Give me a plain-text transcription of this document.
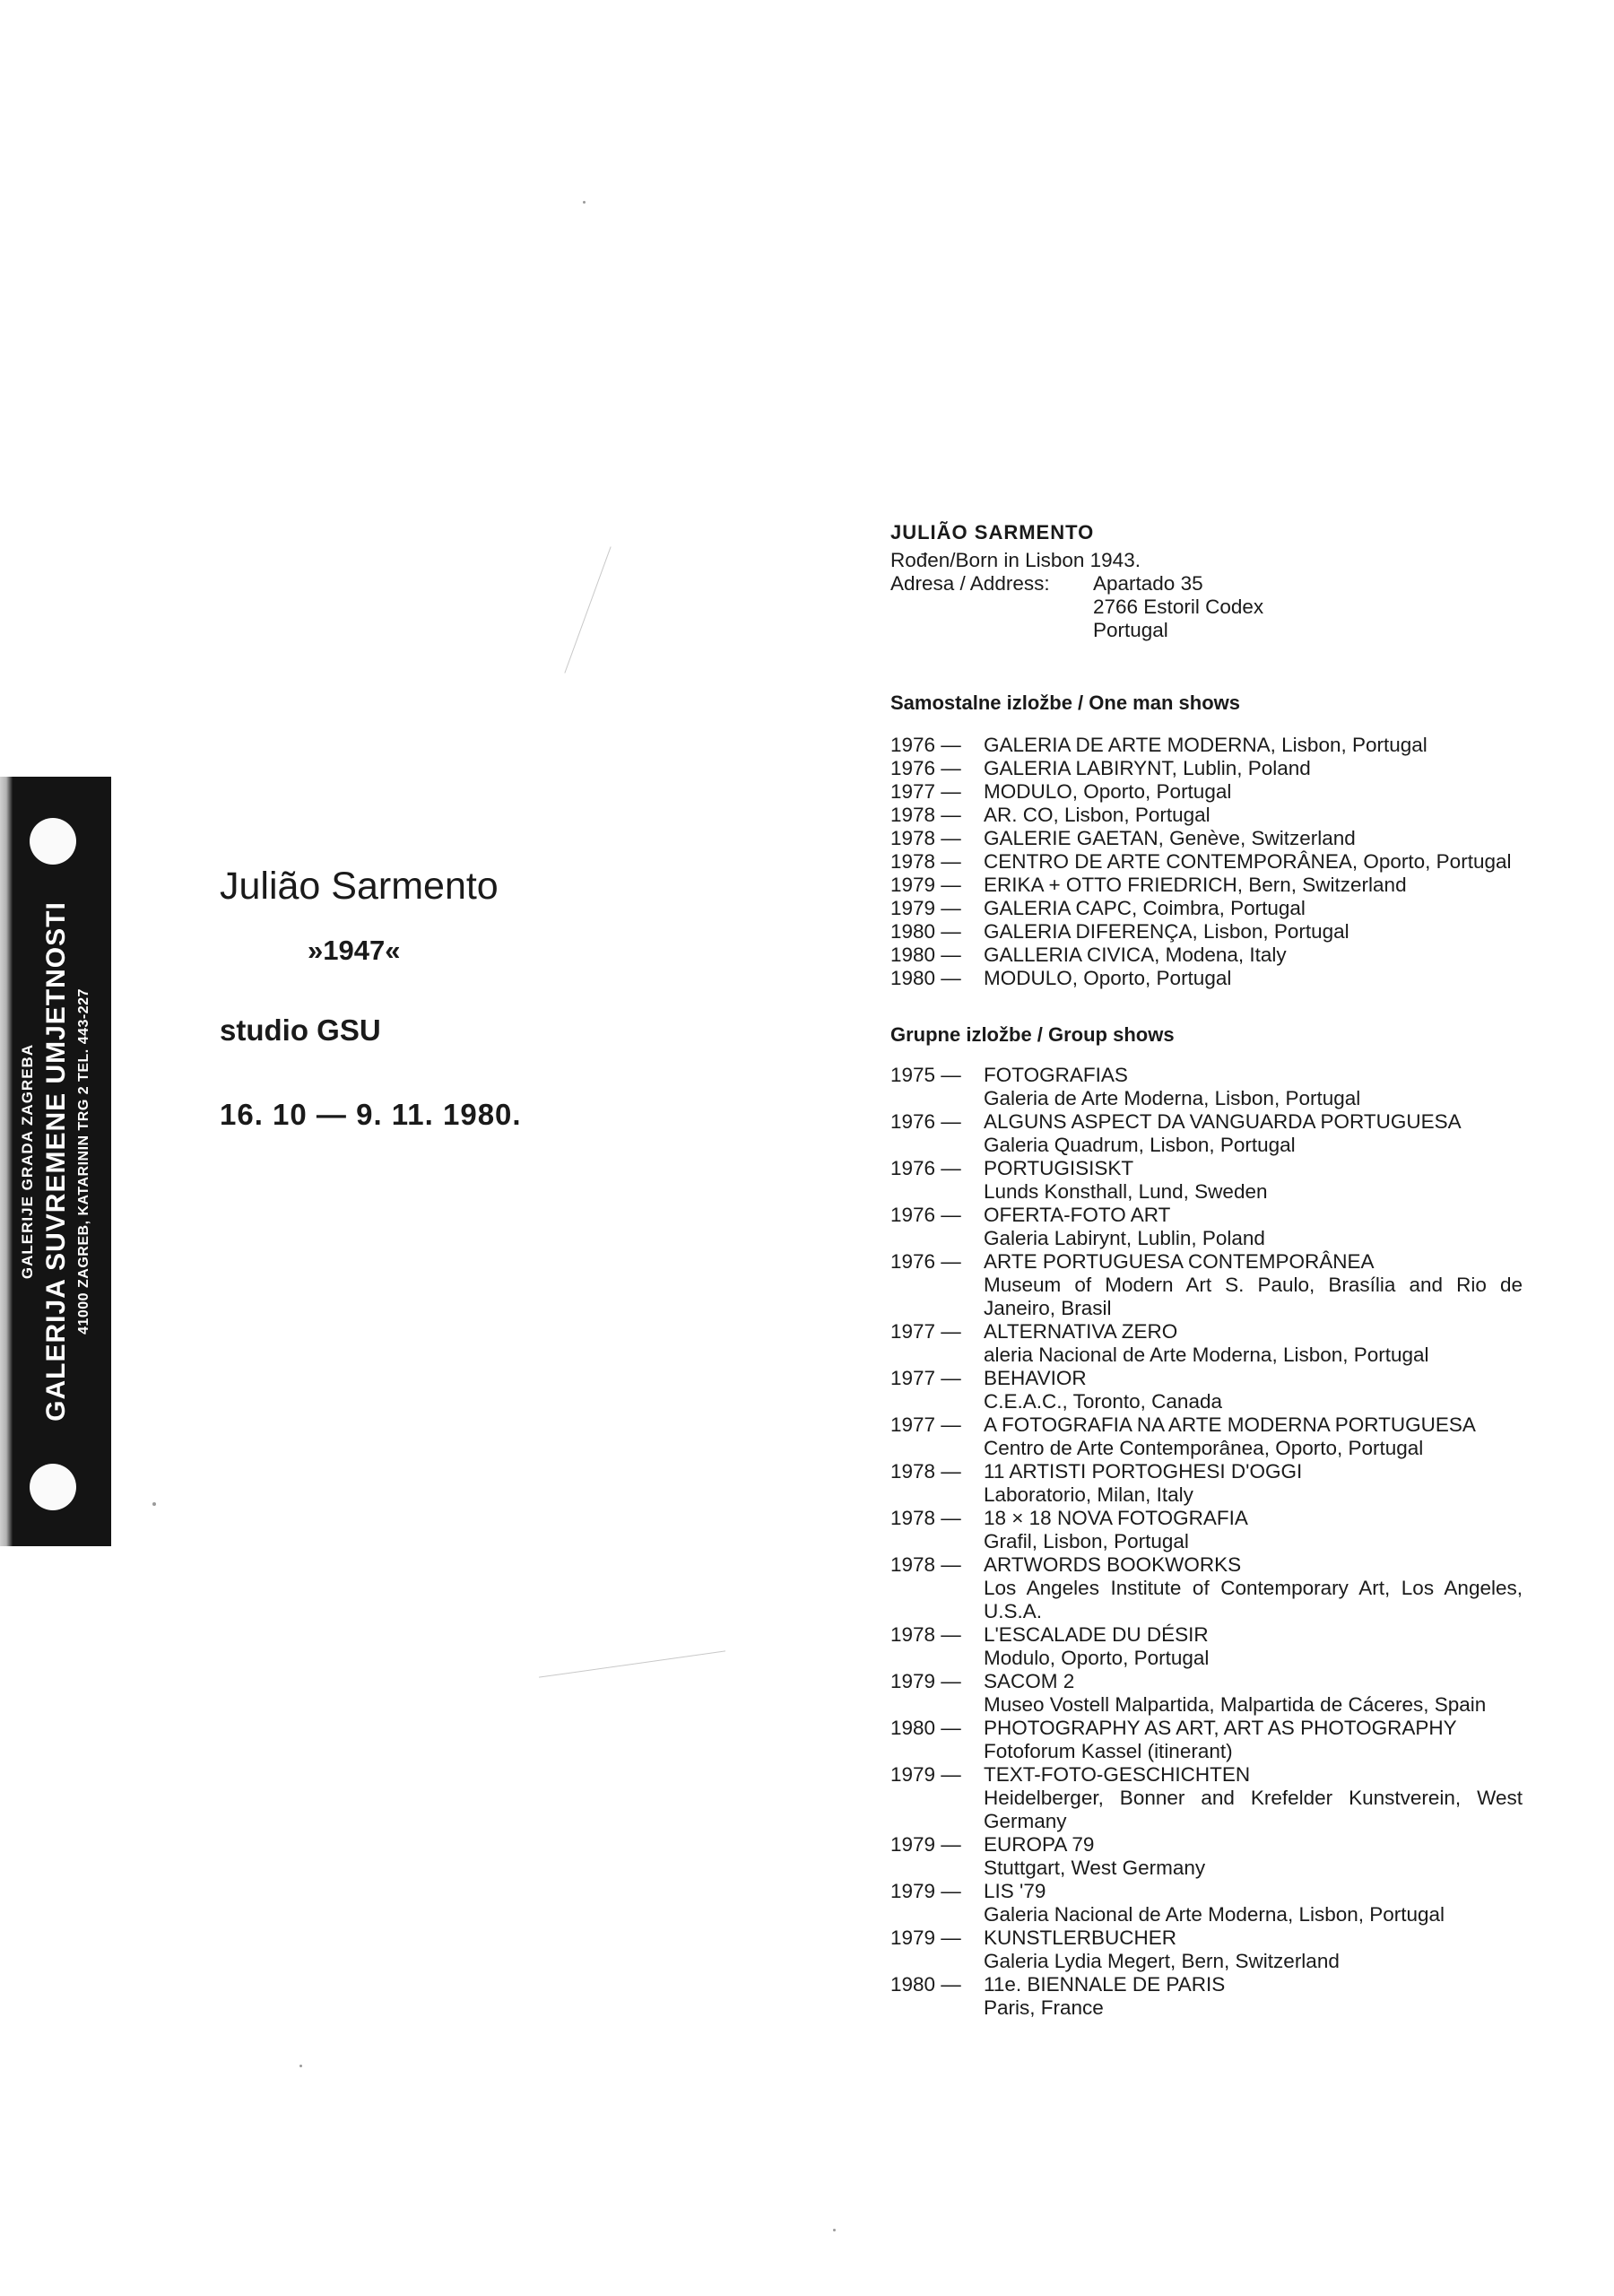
GALERIJE GRADA ZAGREBA GALERIJA SUVREMENE UMJETNOSTI 41000 ZAGREB, KATARININ TRG 2 TEL. 443-227
Julião Sarmento
»1947«
studio GSU
16. 10 — 9. 11. 1980.
JULIÃO SARMENTO
Rođen/Born in Lisbon 1943.
Adresa / Address:	Apartado 35
2766 Estoril Codex
Portugal
Samostalne izložbe / One man shows
1976 —	GALERIA DE ARTE MODERNA, Lisbon, Portugal
1976 —	GALERIA LABIRYNT, Lublin, Poland
1977 —	MODULO, Oporto, Portugal
1978 —	AR. CO, Lisbon, Portugal
1978 —	GALERIE GAETAN, Genève, Switzerland
1978 —	CENTRO DE ARTE CONTEMPORÂNEA, Oporto, Portugal
1979 —	ERIKA + OTTO FRIEDRICH, Bern, Switzerland
1979 —	GALERIA CAPC, Coimbra, Portugal
1980 —	GALERIA DIFERENÇA, Lisbon, Portugal
1980 —	GALLERIA CIVICA, Modena, Italy
1980 —	MODULO, Oporto, Portugal
Grupne izložbe / Group shows
1975 —	FOTOGRAFIAS
Galeria de Arte Moderna, Lisbon, Portugal
1976 —	ALGUNS ASPECT DA VANGUARDA PORTUGUESA
Galeria Quadrum, Lisbon, Portugal
1976 —	PORTUGISISKT
Lunds Konsthall, Lund, Sweden
1976 —	OFERTA-FOTO ART
Galeria Labirynt, Lublin, Poland
1976 —	ARTE PORTUGUESA CONTEMPORÂNEA
Museum of Modern Art S. Paulo, Brasília and Rio de Janeiro, Brasil
1977 —	ALTERNATIVA ZERO
aleria Nacional de Arte Moderna, Lisbon, Portugal
1977 —	BEHAVIOR
C.E.A.C., Toronto, Canada
1977 —	A FOTOGRAFIA NA ARTE MODERNA PORTUGUESA
Centro de Arte Contemporânea, Oporto, Portugal
1978 —	11 ARTISTI PORTOGHESI D'OGGI
Laboratorio, Milan, Italy
1978 —	18 × 18 NOVA FOTOGRAFIA
Grafil, Lisbon, Portugal
1978 —	ARTWORDS BOOKWORKS
Los Angeles Institute of Contemporary Art, Los Angeles, U.S.A.
1978 —	L'ESCALADE DU DÉSIR
Modulo, Oporto, Portugal
1979 —	SACOM 2
Museo Vostell Malpartida, Malpartida de Cáceres, Spain
1980 —	PHOTOGRAPHY AS ART, ART AS PHOTOGRAPHY
Fotoforum Kassel (itinerant)
1979 —	TEXT-FOTO-GESCHICHTEN
Heidelberger, Bonner and Krefelder Kunstverein, West Germany
1979 —	EUROPA 79
Stuttgart, West Germany
1979 —	LIS '79
Galeria Nacional de Arte Moderna, Lisbon, Portugal
1979 —	KUNSTLERBUCHER
Galeria Lydia Megert, Bern, Switzerland
1980 —	11e. BIENNALE DE PARIS
Paris, France
